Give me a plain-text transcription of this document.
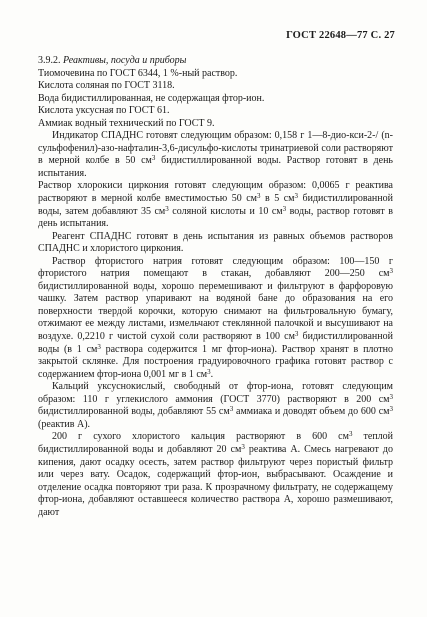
ГОСТ 22648—77 С. 27

3.9.2. Реактивы, посуда и приборы

Тиомочевина по ГОСТ 6344, 1 %-ный раствор.

Кислота соляная по ГОСТ 3118.

Вода бидистиллированная, не содержащая фтор-ион.

Кислота уксусная по ГОСТ 61.

Аммиак водный технический по ГОСТ 9.

Индикатор СПАДНС готовят следующим образом: 0,158 г 1—8-дио-кси-2-/ (n-сульфофенил)-азо-нафталин-3,6-дисульфо-кислоты тринатриевой соли растворяют в мерной колбе в 50 $см^3$ бидистиллированной воды. Раствор готовят в день испытания.

Раствор хлорокиси циркония готовят следующим образом: 0,0065 г реактива растворяют в мерной колбе вместимостью 50 $см^3$ в 5 $см^3$ бидистиллированной воды, затем добавляют 35 $см^3$ соляной кислоты и 10 $см^3$ воды, раствор готовят в день испытания.

Реагент СПАДНС готовят в день испытания из равных объемов растворов СПАДНС и хлористого циркония.

Раствор фтористого натрия готовят следующим образом: 100—150 г фтористого натрия помещают в стакан, добавляют 200—250 $см^3$ бидистиллированной воды, хорошо перемешивают и фильтруют в фарфоровую чашку. Затем раствор упаривают на водяной бане до образования на его поверхности твердой корочки, которую снимают на фильтровальную бумагу, отжимают ее между листами, измельчают стеклянной палочкой и высушивают на воздухе. 0,2210 г чистой сухой соли растворяют в 100 $см^3$ бидистиллированной воды (в 1 $см^3$ раствора содержится 1 мг фтор-иона). Раствор хранят в плотно закрытой склянке. Для построения градуировочного графика готовят раствор с содержанием фтор-иона 0,001 мг в 1 $см^3$.

Кальций уксуснокислый, свободный от фтор-иона, готовят следующим образом: 110 г углекислого аммония (ГОСТ 3770) растворяют в 200 $см^3$ бидистиллированной воды, добавляют 55 $см^3$ аммиака и доводят объем до 600 $см^3$ (реактив А).

200 г сухого хлористого кальция растворяют в 600 $см^3$ теплой бидистиллированной воды и добавляют 20 $см^3$ реактива А. Смесь нагревают до кипения, дают осадку осесть, затем раствор фильтруют через пористый фильтр или через вату. Осадок, содержащий фтор-ион, выбрасывают. Осаждение и отделение осадка повторяют три раза. К прозрачному фильтрату, не содержащему фтор-иона, добавляют оставшееся количество раствора А, хорошо размешивают, дают
